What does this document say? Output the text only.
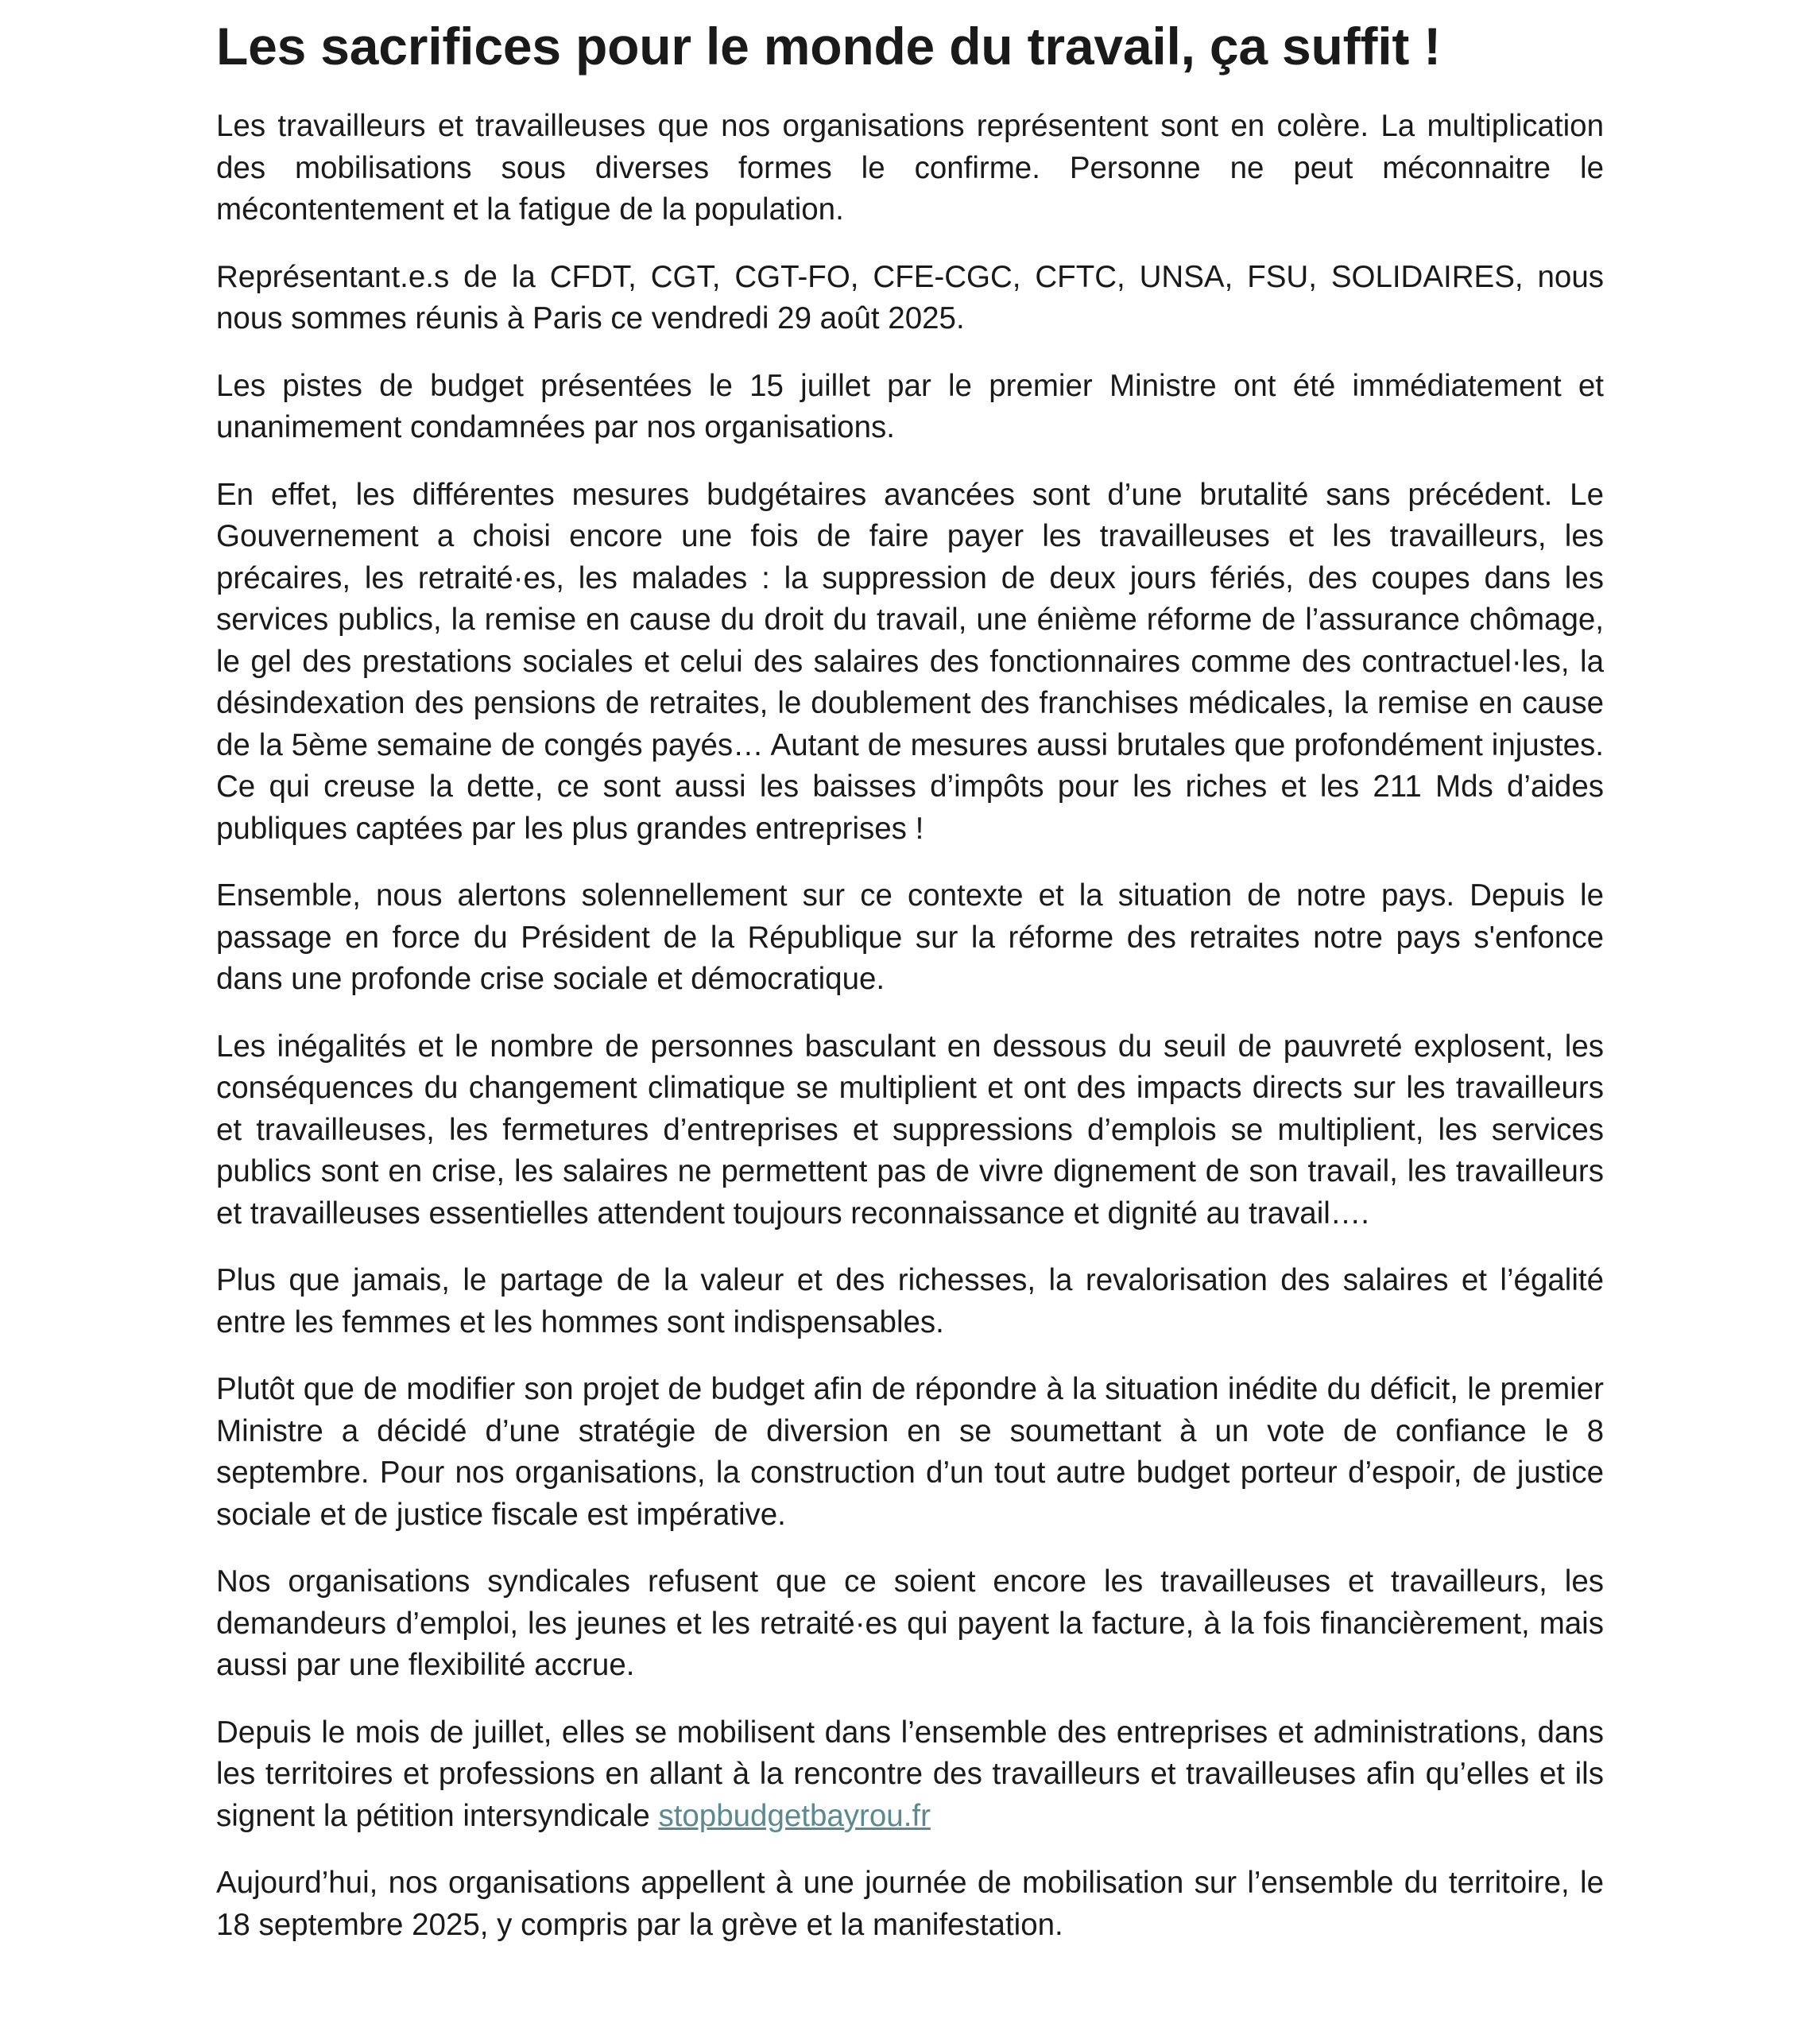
Les sacrifices pour le monde du travail, ça suffit !

Les travailleurs et travailleuses que nos organisations représentent sont en colère. La multiplication des mobilisations sous diverses formes le confirme. Personne ne peut méconnaitre le mécontentement et la fatigue de la population.

Représentant.e.s de la CFDT, CGT, CGT-FO, CFE-CGC, CFTC, UNSA, FSU, SOLIDAIRES, nous nous sommes réunis à Paris ce vendredi 29 août 2025.

Les pistes de budget présentées le 15 juillet par le premier Ministre ont été immédiatement et unanimement condamnées par nos organisations.

En effet, les différentes mesures budgétaires avancées sont d’une brutalité sans précédent. Le Gouvernement a choisi encore une fois de faire payer les travailleuses et les travailleurs, les précaires, les retraité·es, les malades : la suppression de deux jours fériés, des coupes dans les services publics, la remise en cause du droit du travail, une énième réforme de l’assurance chômage, le gel des prestations sociales et celui des salaires des fonctionnaires comme des contractuel·les, la désindexation des pensions de retraites, le doublement des franchises médicales, la remise en cause de la 5ème semaine de congés payés… Autant de mesures aussi brutales que profondément injustes. Ce qui creuse la dette, ce sont aussi les baisses d’impôts pour les riches et les 211 Mds d’aides publiques captées par les plus grandes entreprises !

Ensemble, nous alertons solennellement sur ce contexte et la situation de notre pays. Depuis le passage en force du Président de la République sur la réforme des retraites notre pays s'enfonce dans une profonde crise sociale et démocratique.

Les inégalités et le nombre de personnes basculant en dessous du seuil de pauvreté explosent, les conséquences du changement climatique se multiplient et ont des impacts directs sur les travailleurs et travailleuses, les fermetures d’entreprises et suppressions d’emplois se multiplient, les services publics sont en crise, les salaires ne permettent pas de vivre dignement de son travail, les travailleurs et travailleuses essentielles attendent toujours reconnaissance et dignité au travail….

Plus que jamais, le partage de la valeur et des richesses, la revalorisation des salaires et l’égalité entre les femmes et les hommes sont indispensables.

Plutôt que de modifier son projet de budget afin de répondre à la situation inédite du déficit, le premier Ministre a décidé d’une stratégie de diversion en se soumettant à un vote de confiance le 8 septembre. Pour nos organisations, la construction d’un tout autre budget porteur d’espoir, de justice sociale et de justice fiscale est impérative.

Nos organisations syndicales refusent que ce soient encore les travailleuses et travailleurs, les demandeurs d’emploi, les jeunes et les retraité·es qui payent la facture, à la fois financièrement, mais aussi par une flexibilité accrue.

Depuis le mois de juillet, elles se mobilisent dans l’ensemble des entreprises et administrations, dans les territoires et professions en allant à la rencontre des travailleurs et travailleuses afin qu’elles et ils signent la pétition intersyndicale stopbudgetbayrou.fr

Aujourd’hui, nos organisations appellent à une journée de mobilisation sur l’ensemble du territoire, le 18 septembre 2025, y compris par la grève et la manifestation.
